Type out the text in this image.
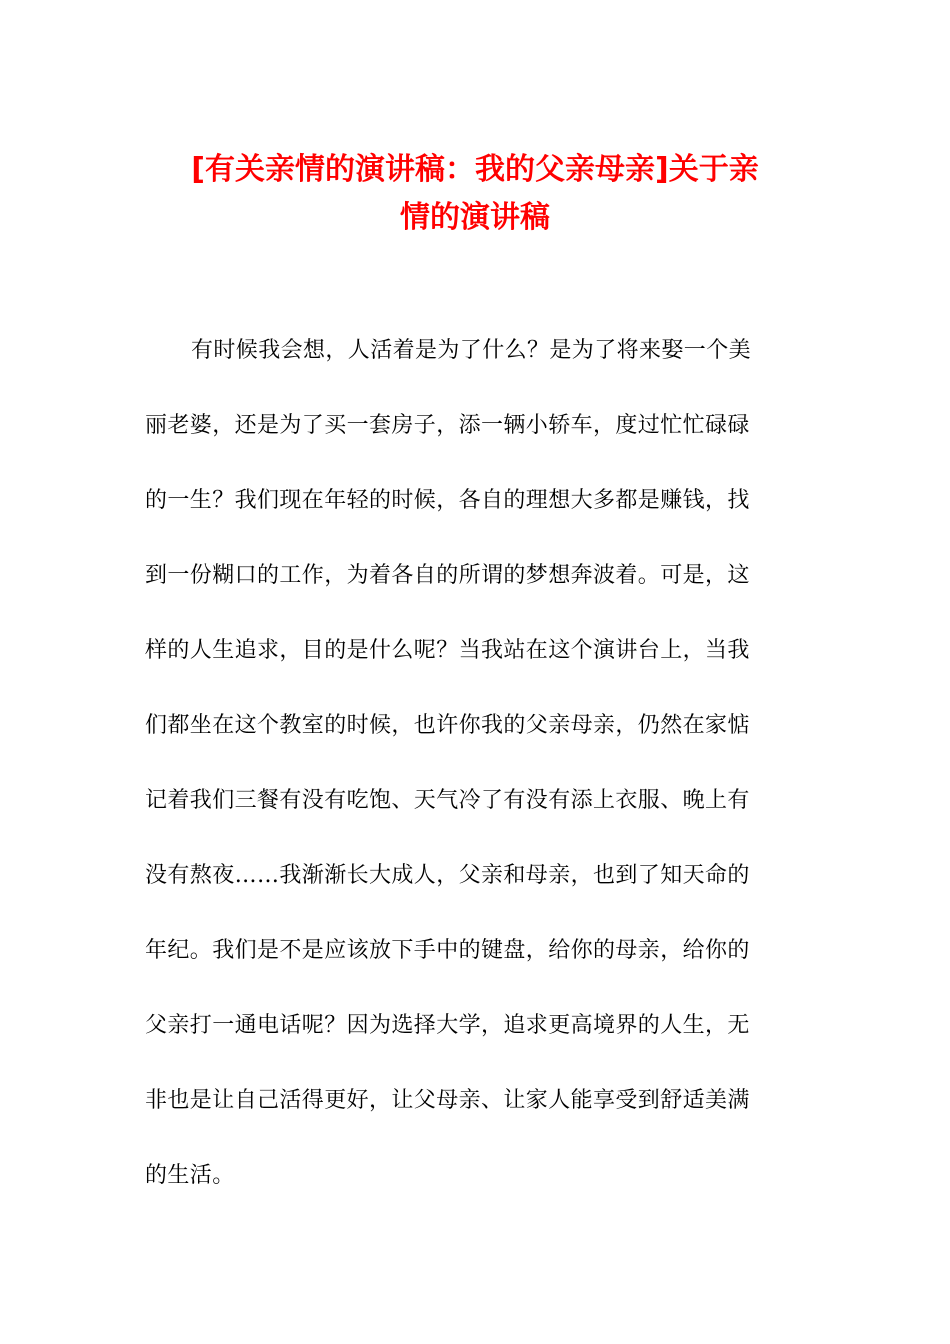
[有关亲情的演讲稿：我的父亲母亲]关于亲
情的演讲稿
有时候我会想，人活着是为了什么？是为了将来娶一个美
丽老婆，还是为了买一套房子，添一辆小轿车，度过忙忙碌碌
的一生？我们现在年轻的时候，各自的理想大多都是赚钱，找
到一份糊口的工作，为着各自的所谓的梦想奔波着。可是，这
样的人生追求，目的是什么呢？当我站在这个演讲台上，当我
们都坐在这个教室的时候，也许你我的父亲母亲，仍然在家惦
记着我们三餐有没有吃饱、天气冷了有没有添上衣服、晚上有
没有熬夜……我渐渐长大成人，父亲和母亲，也到了知天命的
年纪。我们是不是应该放下手中的键盘，给你的母亲，给你的
父亲打一通电话呢？因为选择大学，追求更高境界的人生，无
非也是让自己活得更好，让父母亲、让家人能享受到舒适美满
的生活。
